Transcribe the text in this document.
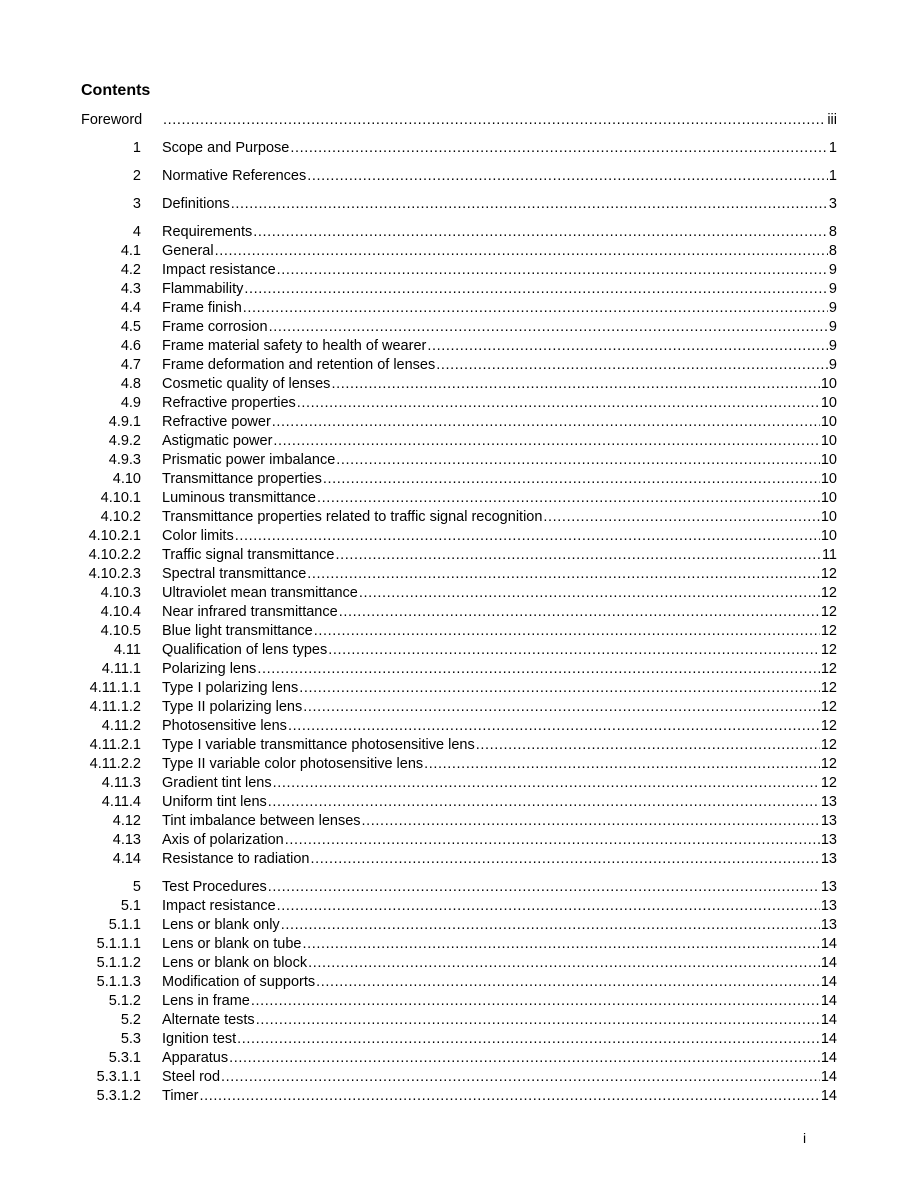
Contents
Foreword .....	iii
1 Scope and Purpose .....	1
2 Normative References .....	1
3 Definitions .....	3
4 Requirements .....	8
4.1 General .....	8
4.2 Impact resistance .....	9
4.3 Flammability .....	9
4.4 Frame finish .....	9
4.5 Frame corrosion .....	9
4.6 Frame material safety to health of wearer .....	9
4.7 Frame deformation and retention of lenses .....	9
4.8 Cosmetic quality of lenses .....	10
4.9 Refractive properties .....	10
4.9.1 Refractive power .....	10
4.9.2 Astigmatic power .....	10
4.9.3 Prismatic power imbalance .....	10
4.10 Transmittance properties .....	10
4.10.1 Luminous transmittance .....	10
4.10.2 Transmittance properties related to traffic signal recognition .....	10
4.10.2.1 Color limits .....	10
4.10.2.2 Traffic signal transmittance .....	11
4.10.2.3 Spectral transmittance .....	12
4.10.3 Ultraviolet mean transmittance .....	12
4.10.4 Near infrared transmittance .....	12
4.10.5 Blue light transmittance .....	12
4.11 Qualification of lens types .....	12
4.11.1 Polarizing lens .....	12
4.11.1.1 Type I polarizing lens .....	12
4.11.1.2 Type II polarizing lens .....	12
4.11.2 Photosensitive lens .....	12
4.11.2.1 Type I variable transmittance photosensitive lens .....	12
4.11.2.2 Type II variable color photosensitive lens .....	12
4.11.3 Gradient tint lens .....	12
4.11.4 Uniform tint lens .....	13
4.12 Tint imbalance between lenses .....	13
4.13 Axis of polarization .....	13
4.14 Resistance to radiation .....	13
5 Test Procedures .....	13
5.1 Impact resistance .....	13
5.1.1 Lens or blank only .....	13
5.1.1.1 Lens or blank on tube .....	14
5.1.1.2 Lens or blank on block .....	14
5.1.1.3 Modification of supports .....	14
5.1.2 Lens in frame .....	14
5.2 Alternate tests .....	14
5.3 Ignition test .....	14
5.3.1 Apparatus .....	14
5.3.1.1 Steel rod .....	14
5.3.1.2 Timer .....	14
i
